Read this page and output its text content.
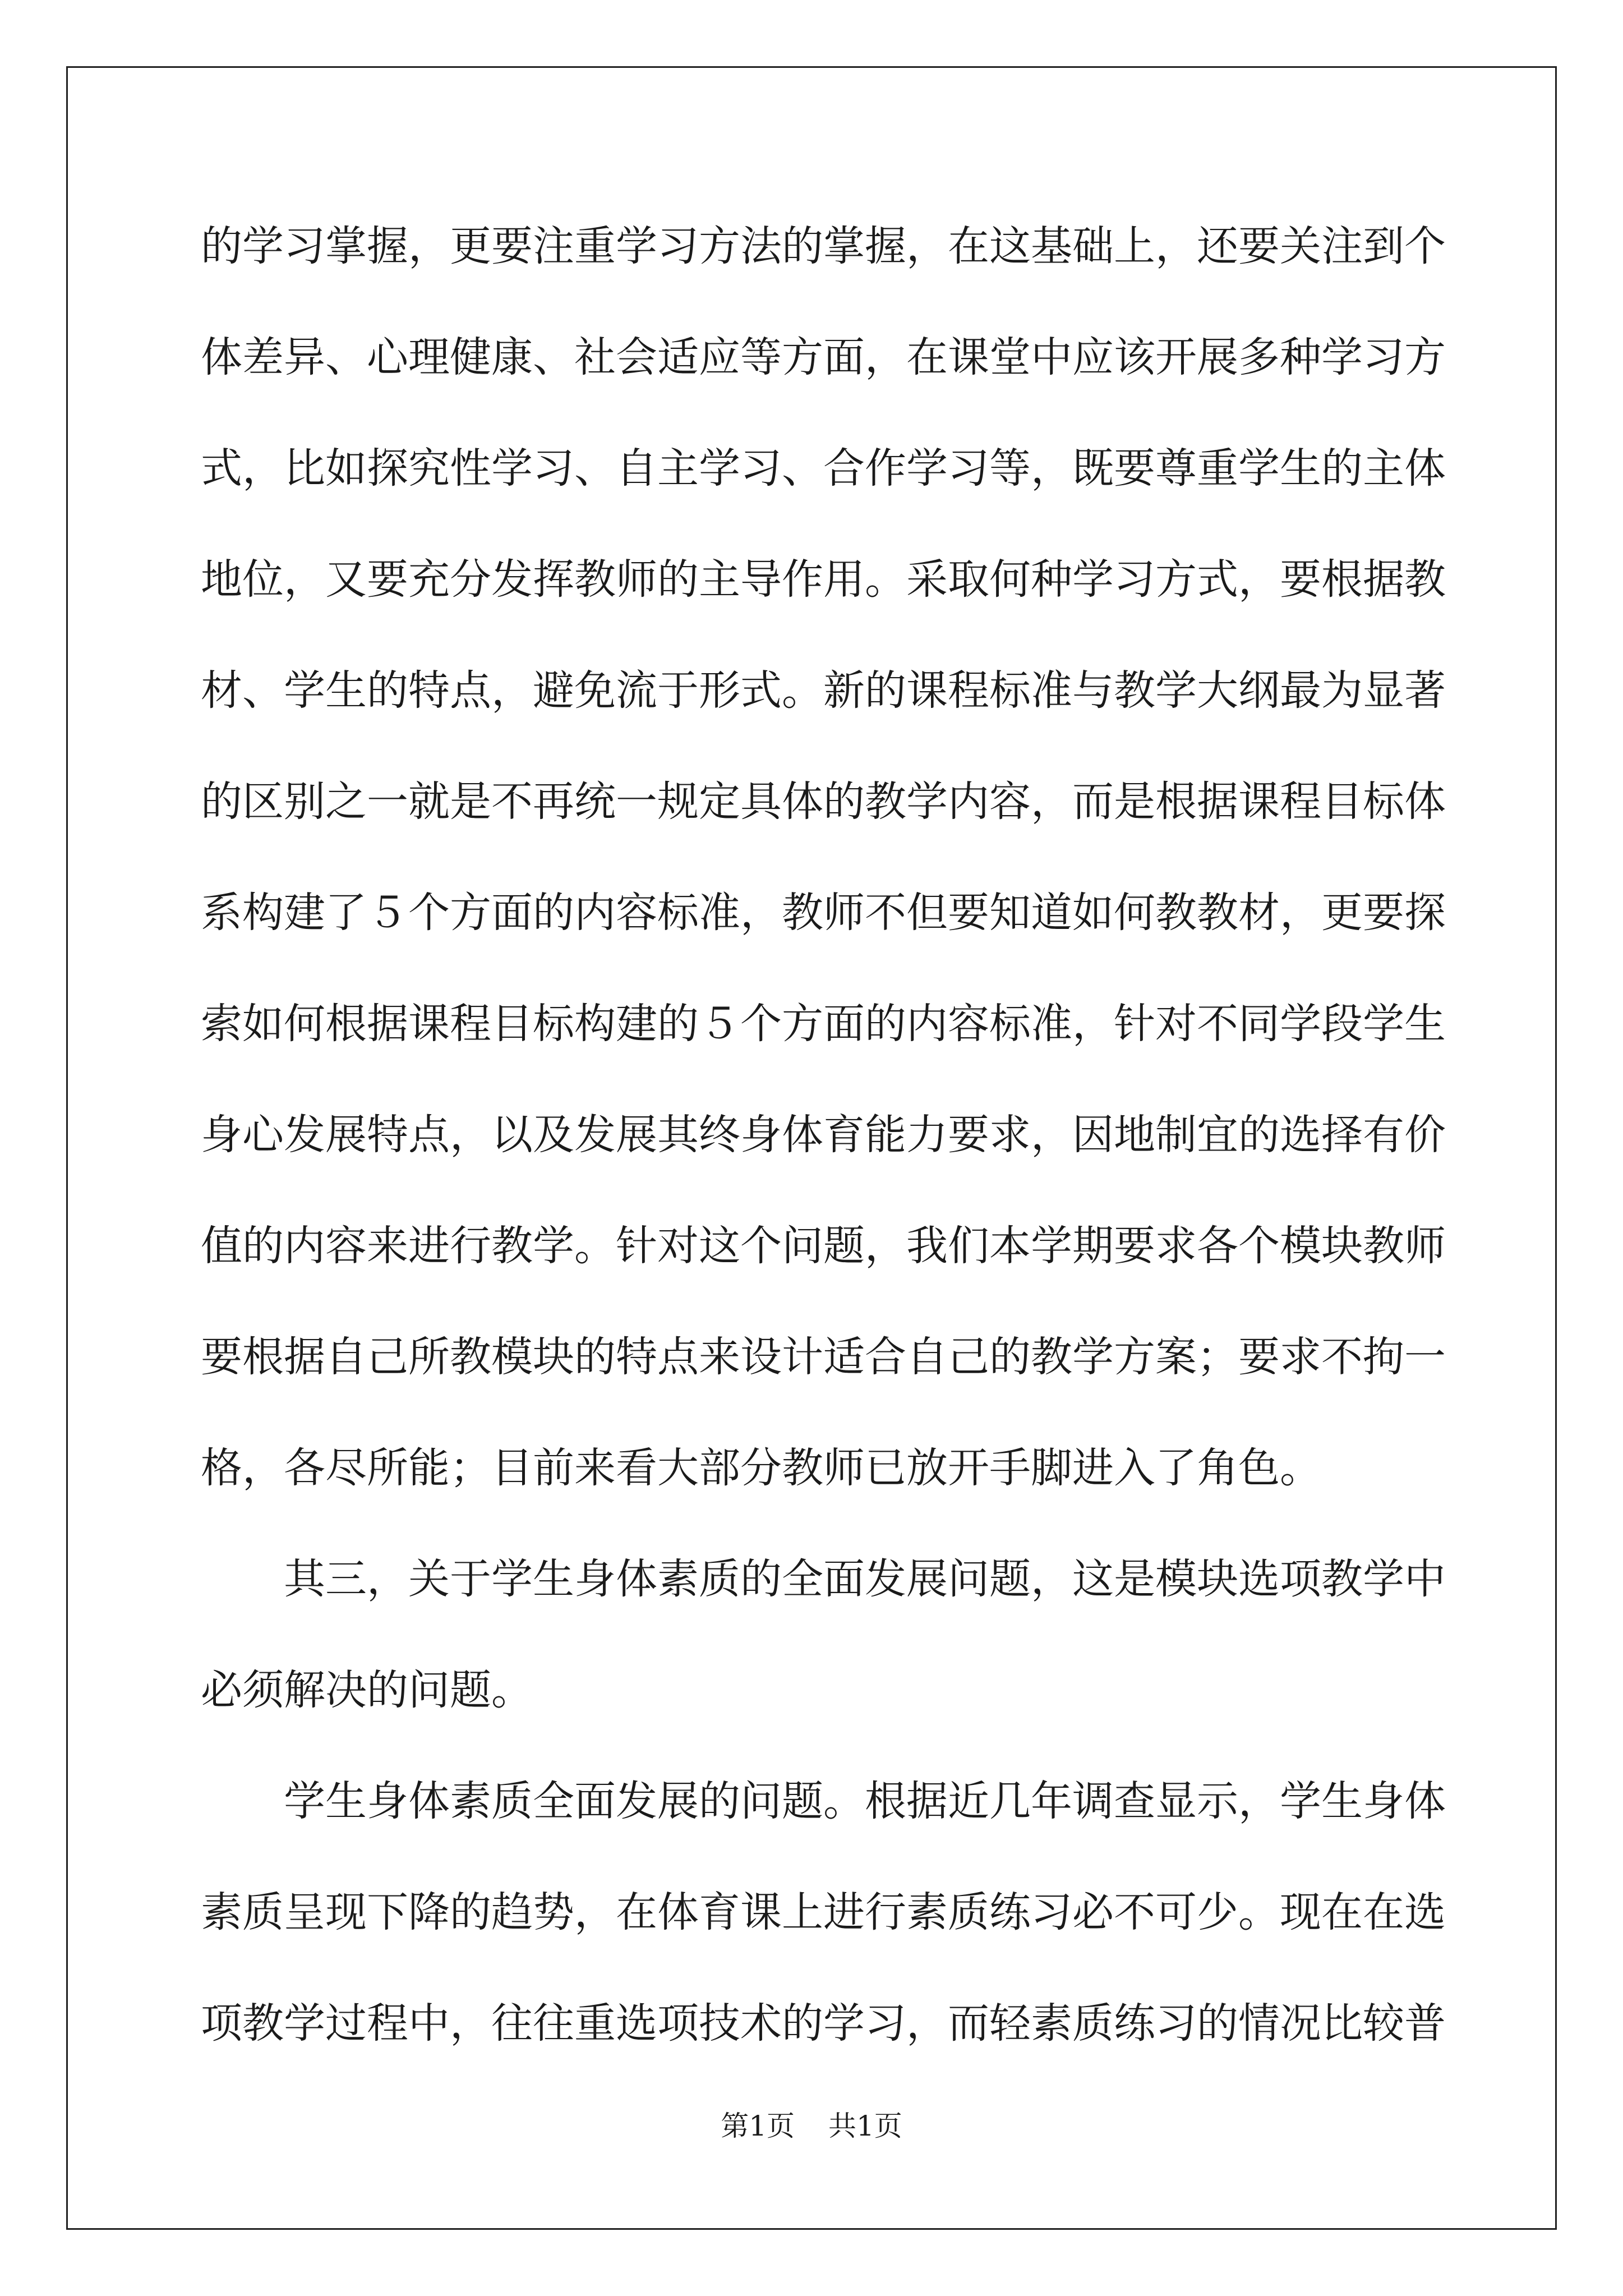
的学习掌握，更要注重学习方法的掌握，在这基础上，还要关注到个
体差异、心理健康、社会适应等方面，在课堂中应该开展多种学习方
式，比如探究性学习、自主学习、合作学习等，既要尊重学生的主体
地位，又要充分发挥教师的主导作用。采取何种学习方式，要根据教
材、学生的特点，避免流于形式。新的课程标准与教学大纲最为显著
的区别之一就是不再统一规定具体的教学内容，而是根据课程目标体
系构建了５个方面的内容标准，教师不但要知道如何教教材，更要探
索如何根据课程目标构建的５个方面的内容标准，针对不同学段学生
身心发展特点，以及发展其终身体育能力要求，因地制宜的选择有价
值的内容来进行教学。针对这个问题，我们本学期要求各个模块教师
要根据自己所教模块的特点来设计适合自己的教学方案；要求不拘一
格，各尽所能；目前来看大部分教师已放开手脚进入了角色。
其三，关于学生身体素质的全面发展问题，这是模块选项教学中
必须解决的问题。
学生身体素质全面发展的问题。根据近几年调查显示，学生身体
素质呈现下降的趋势，在体育课上进行素质练习必不可少。现在在选
项教学过程中，往往重选项技术的学习，而轻素质练习的情况比较普
第1页 共1页
